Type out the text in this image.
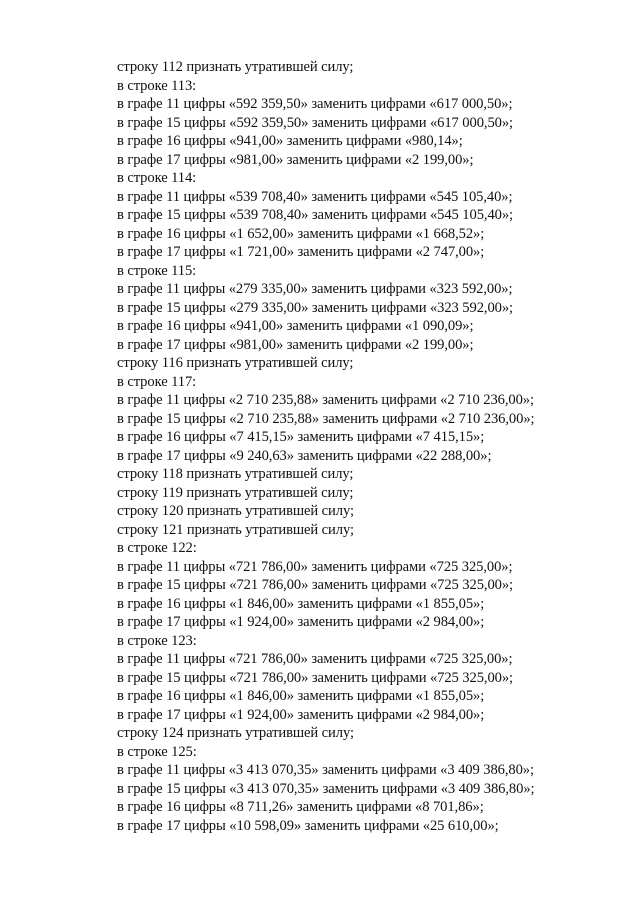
строку 112 признать утратившей силу;
в строке 113:
в графе 11 цифры «592 359,50» заменить цифрами «617 000,50»;
в графе 15 цифры «592 359,50» заменить цифрами «617 000,50»;
в графе 16 цифры «941,00» заменить цифрами «980,14»;
в графе 17 цифры «981,00» заменить цифрами «2 199,00»;
в строке 114:
в графе 11 цифры «539 708,40» заменить цифрами «545 105,40»;
в графе 15 цифры «539 708,40» заменить цифрами «545 105,40»;
в графе 16 цифры «1 652,00» заменить цифрами «1 668,52»;
в графе 17 цифры «1 721,00» заменить цифрами «2 747,00»;
в строке 115:
в графе 11 цифры «279 335,00» заменить цифрами «323 592,00»;
в графе 15 цифры «279 335,00» заменить цифрами «323 592,00»;
в графе 16 цифры «941,00» заменить цифрами «1 090,09»;
в графе 17 цифры «981,00» заменить цифрами «2 199,00»;
строку 116 признать утратившей силу;
в строке 117:
в графе 11 цифры «2 710 235,88» заменить цифрами «2 710 236,00»;
в графе 15 цифры «2 710 235,88» заменить цифрами «2 710 236,00»;
в графе 16 цифры «7 415,15» заменить цифрами «7 415,15»;
в графе 17 цифры «9 240,63» заменить цифрами «22 288,00»;
строку 118 признать утратившей силу;
строку 119 признать утратившей силу;
строку 120 признать утратившей силу;
строку 121 признать утратившей силу;
в строке 122:
в графе 11 цифры «721 786,00» заменить цифрами «725 325,00»;
в графе 15 цифры «721 786,00» заменить цифрами «725 325,00»;
в графе 16 цифры «1 846,00» заменить цифрами «1 855,05»;
в графе 17 цифры «1 924,00» заменить цифрами «2 984,00»;
в строке 123:
в графе 11 цифры «721 786,00» заменить цифрами «725 325,00»;
в графе 15 цифры «721 786,00» заменить цифрами «725 325,00»;
в графе 16 цифры «1 846,00» заменить цифрами «1 855,05»;
в графе 17 цифры «1 924,00» заменить цифрами «2 984,00»;
строку 124 признать утратившей силу;
в строке 125:
в графе 11 цифры «3 413 070,35» заменить цифрами «3 409 386,80»;
в графе 15 цифры «3 413 070,35» заменить цифрами «3 409 386,80»;
в графе 16 цифры «8 711,26» заменить цифрами «8 701,86»;
в графе 17 цифры «10 598,09» заменить цифрами «25 610,00»;
